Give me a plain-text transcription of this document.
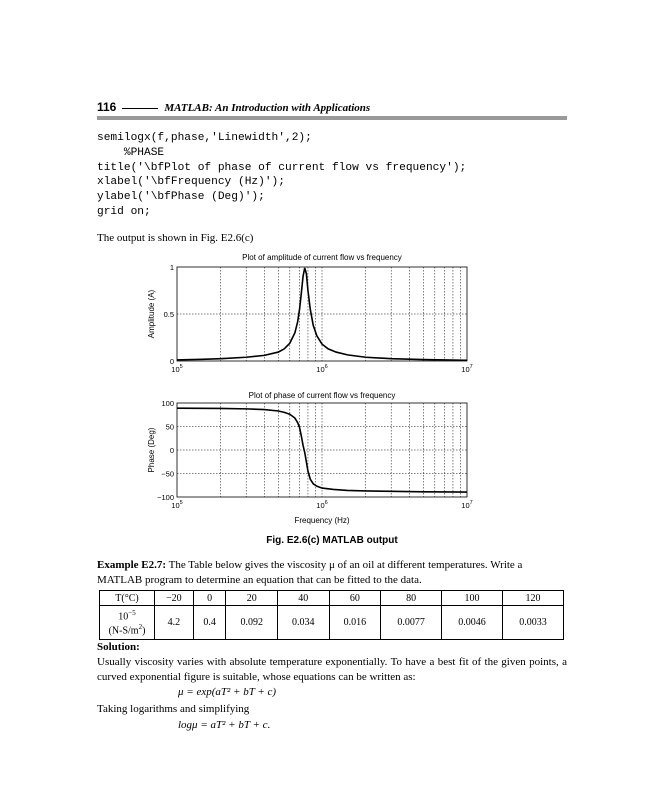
116	MATLAB: An Introduction with Applications
semilogx(f,phase,'Linewidth',2);
%PHASE
title('\bfPlot of phase of current flow vs frequency');
xlabel('\bfFrequency (Hz)');
ylabel('\bfPhase (Deg)');
grid on;
The output is shown in Fig. E2.6(c)
Plot of amplitude of current flow vs frequency
0
0.5
1
$10^5$	$10^6$	$10^7$
Amplitude (A)
Plot of phase of current flow vs frequency
100
50
0
−50
−100
$10^5$	$10^6$	$10^7$
Phase (Deg)
Frequency (Hz)
Fig. E2.6(c) MATLAB output
Example E2.7: The Table below gives the viscosity μ of an oil at different temperatures. Write a MATLAB program to determine an equation that can be fitted to the data.
T(°C)	−20	0	20	40	60	80	100	120
$10^{-5}$
$(N-S/m^2)$	4.2	0.4	0.092	0.034	0.016	0.0077	0.0046	0.0033
Solution:
Usually viscosity varies with absolute temperature exponentially. To have a best fit of the given points, a curved exponential figure is suitable, whose equations can be written as:
μ = exp(aT² + bT + c)
Taking logarithms and simplifying
logμ = aT² + bT + c.
